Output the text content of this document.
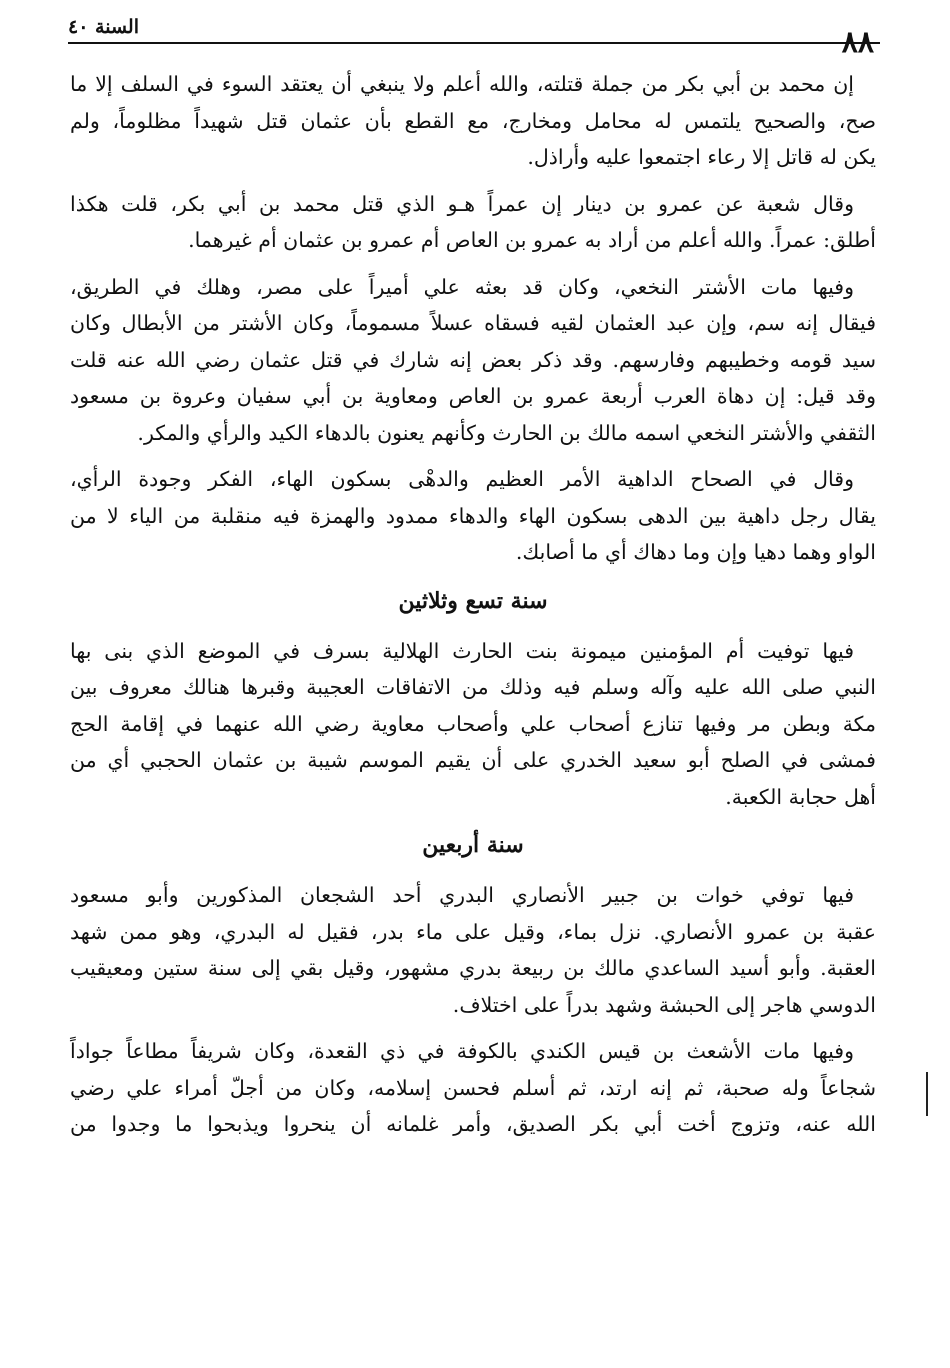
٨٨
السنة ٤٠
إن محمد بن أبي بكر من جملة قتلته، والله أعلم ولا ينبغي أن يعتقد السوء في السلف إلا ما
صح، والصحيح يلتمس له محامل ومخارج، مع القطع بأن عثمان قتل شهيداً مظلوماً، ولم
يكن له قاتل إلا رعاء اجتمعوا عليه وأراذل.
وقال شعبة عن عمرو بن دينار إن عمراً هـو الذي قتل محمد بن أبي بكر، قلت هكذا
أطلق: عمراً. والله أعلم من أراد به عمرو بن العاص أم عمرو بن عثمان أم غيرهما.
وفيها مات الأشتر النخعي، وكان قد بعثه علي أميراً على مصر، وهلك في الطريق،
فيقال إنه سم، وإن عبد العثمان لقيه فسقاه عسلاً مسموماً، وكان الأشتر من الأبطال وكان
سيد قومه وخطيبهم وفارسهم. وقد ذكر بعض إنه شارك في قتل عثمان رضي الله عنه قلت
وقد قيل: إن دهاة العرب أربعة عمرو بن العاص ومعاوية بن أبي سفيان وعروة بن مسعود
الثقفي والأشتر النخعي اسمه مالك بن الحارث وكأنهم يعنون بالدهاء الكيد والرأي والمكر.
وقال في الصحاح الداهية الأمر العظيم والدهْى بسكون الهاء، الفكر وجودة الرأي،
يقال رجل داهية بين الدهى بسكون الهاء والدهاء ممدود والهمزة فيه منقلبة من الياء لا من
الواو وهما دهيا وإن وما دهاك أي ما أصابك.
سنة تسع وثلاثين
فيها توفيت أم المؤمنين ميمونة بنت الحارث الهلالية بسرف في الموضع الذي بنى بها
النبي صلى الله عليه وآله وسلم فيه وذلك من الاتفاقات العجيبة وقبرها هنالك معروف بين
مكة وبطن مر وفيها تنازع أصحاب علي وأصحاب معاوية رضي الله عنهما في إقامة الحج
فمشى في الصلح أبو سعيد الخدري على أن يقيم الموسم شيبة بن عثمان الحجبي أي من
أهل حجابة الكعبة.
سنة أربعين
فيها توفي خوات بن جبير الأنصاري البدري أحد الشجعان المذكورين وأبو مسعود
عقبة بن عمرو الأنصاري. نزل بماء، وقيل على ماء بدر، فقيل له البدري، وهو ممن شهد
العقبة. وأبو أسيد الساعدي مالك بن ربيعة بدري مشهور، وقيل بقي إلى سنة ستين ومعيقيب
الدوسي هاجر إلى الحبشة وشهد بدراً على اختلاف.
وفيها مات الأشعث بن قيس الكندي بالكوفة في ذي القعدة، وكان شريفاً مطاعاً جواداً
شجاعاً وله صحبة، ثم إنه ارتد، ثم أسلم فحسن إسلامه، وكان من أجلّ أمراء علي رضي
الله عنه، وتزوج أخت أبي بكر الصديق، وأمر غلمانه أن ينحروا ويذبحوا ما وجدوا من
